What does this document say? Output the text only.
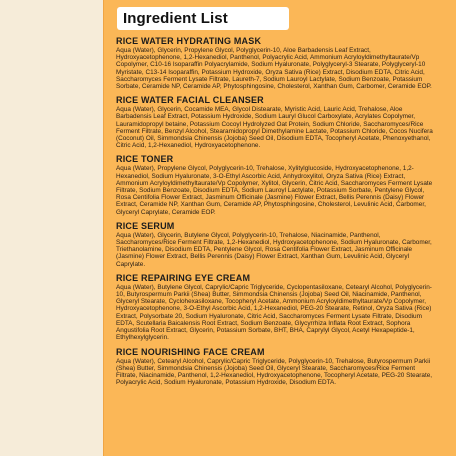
Ingredient List
RICE WATER HYDRATING MASK
Aqua (Water), Glycerin, Propylene Glycol, Polyglycerin-10, Aloe Barbadensis Leaf Extract, Hydroxyacetophenone, 1,2-Hexanediol, Panthenol, Polyacrylic Acid, Ammonium Acryloyldimethyltaurate/Vp Copolymer, C10-16 Isoparaffin Polyacrylamide, Sodium Hyaluronate, Polyglyceryl-3 Stearate, Polyglyceryl-10 Myristate, C13-14 Isoparaffin, Potassium Hydroxide, Oryza Sativa (Rice) Extract, Disodium EDTA, Citric Acid, Saccharomyces Ferment Lysate Filtrate, Laureth-7, Sodium Lauroyl Lactylate, Sodium Benzoate, Potassium Sorbate, Ceramide NP, Ceramide AP, Phytosphingosine, Cholesterol, Xanthan Gum, Carbomer, Ceramide EOP.
RICE WATER FACIAL CLEANSER
Aqua (Water), Glycerin, Cocamide MEA, Glycol Distearate, Myristic Acid, Lauric Acid, Trehalose, Aloe Barbadensis Leaf Extract, Potassium Hydroxide, Sodium Lauryl Glucol Carboxylate, Acrylates Copolymer, Lauramidopropyl betaine, Potassium Cocoyl Hydrolyzed Oat Protein, Sodium Chloride, Saccharomyces/Rice Ferment Filtrate, Benzyl Alcohol, Stearamidopropyl Dimethylamine Lactate, Potassium Chloride, Cocos Nucifera (Coconut) Oil, Simmondsia Chinensis (Jojoba) Seed Oil, Disodium EDTA, Tocopheryl Acetate, Phenoxyethanol, Citric Acid, 1,2-Hexanediol, Hydroxyacetophenone.
RICE TONER
Aqua (Water), Propylene Glycol, Polyglycerin-10, Trehalose, Xylitylglucoside, Hydroxyacetophenone, 1,2-Hexanediol, Sodium Hyaluronate, 3-O-Ethyl Ascorbic Acid, Anhydroxylitol, Oryza Sativa (Rice) Extract, Ammonium Acryloyldimethyltaurate/Vp Copolymer, Xylitol, Glycerin, Citric Acid, Saccharomyces Ferment Lysate Filtrate, Sodium Benzoate, Disodium EDTA, Sodium Lauroyl Lactylate, Potassium Sorbate, Pentylene Glycol, Rosa Centifolia Flower Extract, Jasminum Officinale (Jasmine) Flower Extract, Bellis Perennis (Daisy) Flower Extract, Ceramide NP, Xanthan Gum, Ceramide AP, Phytosphingosine, Cholesterol, Levulinic Acid, Carbomer, Glyceryl Caprylate, Ceramide EOP.
RICE SERUM
Aqua (Water), Glycerin, Butylene Glycol, Polyglycerin-10, Trehalose, Niacinamide, Panthenol, Saccharomyces/Rice Ferment Filtrate, 1,2-Hexanediol, Hydroxyacetophenone, Sodium Hyaluronate, Carbomer, Triethanolamine, Disodium EDTA, Pentylene Glycol, Rosa Centifolia Flower Extract, Jasminum Officinale (Jasmine) Flower Extract, Bellis Perennis (Daisy) Flower Extract, Xanthan Gum, Levulinic Acid, Glyceryl Caprylate.
RICE REPAIRING EYE CREAM
Aqua (Water), Butylene Glycol, Caprylic/Capric Triglyceride, Cyclopentasiloxane, Cetearyl Alcohol, Polyglycerin-10, Butyrospermum Parkii (Shea) Butter, Simmondsia Chinensis (Jojoba) Seed Oil, Niacinamide, Panthenol, Glyceryl Stearate, Cyclohexasiloxane, Tocopheryl Acetate, Ammonium Acryloyldimethyltaurate/Vp Copolymer, Hydroxyacetophenone, 3-O-Ethyl Ascorbic Acid, 1,2-Hexanediol, PEG-20 Stearate, Retinol, Oryza Sativa (Rice) Extract, Polysorbate 20, Sodium Hyaluronate, Citric Acid, Saccharomyces Ferment Lysate Filtrate, Disodium EDTA, Scutellaria Baicalensis Root Extract, Sodium Benzoate, Glycyrrhiza Inflata Root Extract, Sophora Angustifolia Root Extract, Glycerin, Potassium Sorbate, BHT, BHA, Caprylyl Glycol, Acetyl Hexapeptide-1, Ethylhexylglycerin.
RICE NOURISHING FACE CREAM
Aqua (Water), Cetearyl Alcohol, Caprylic/Capric Triglyceride, Polyglycerin-10, Trehalose, Butyrospermum Parkii (Shea) Butter, Simmondsia Chinensis (Jojoba) Seed Oil, Glyceryl Stearate, Saccharomyces/Rice Ferment Filtrate, Niacinamide, Panthenol, 1,2-Hexanediol, Hydroxyacetophenone, Tocopheryl Acetate, PEG-20 Stearate, Polyacrylic Acid, Sodium Hyaluronate, Potassium Hydroxide, Disodium EDTA.
